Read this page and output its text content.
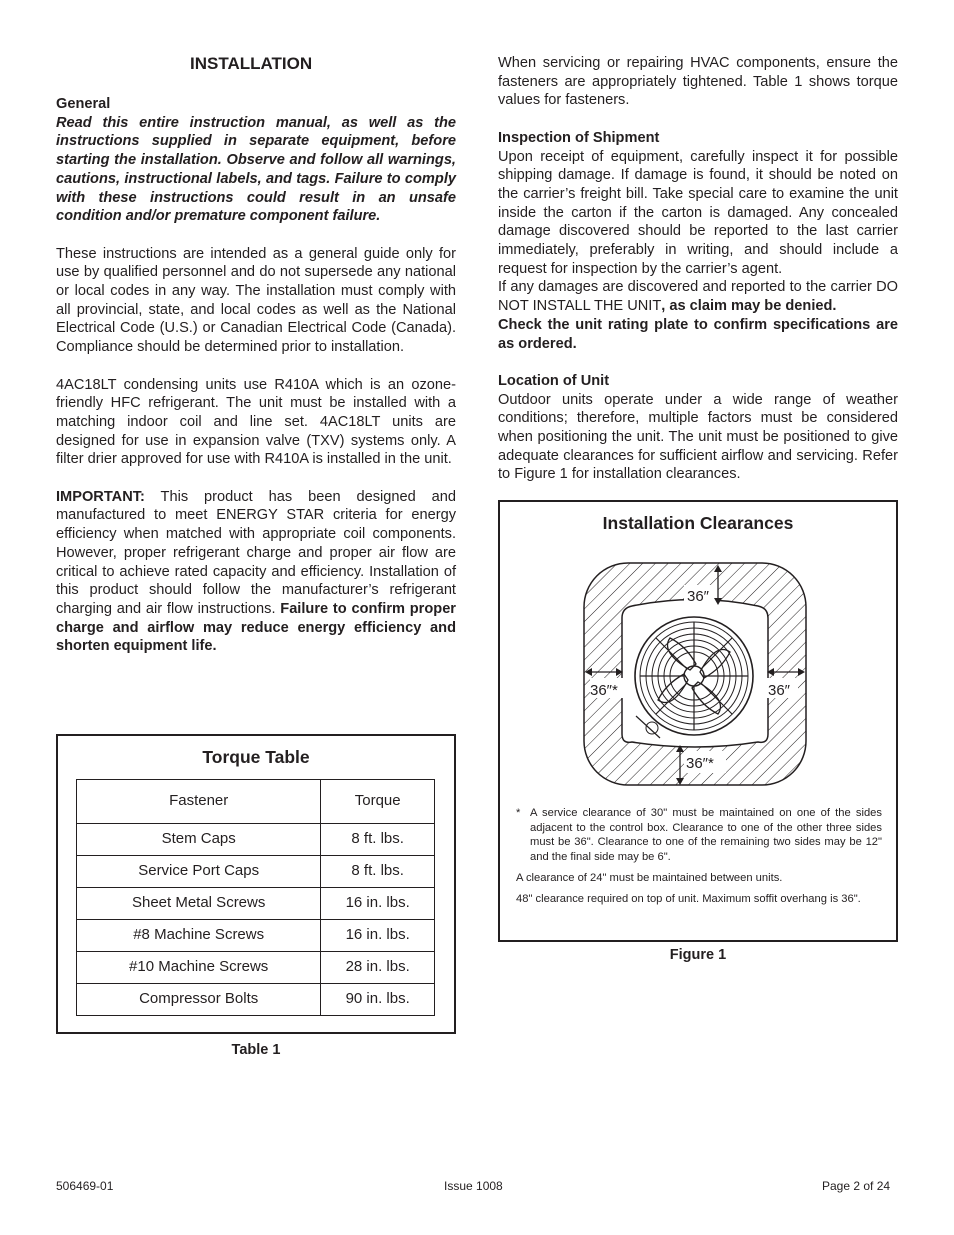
INSTALLATION
General

Read this entire instruction manual, as well as the instructions supplied in separate equipment, before starting the installation. Observe and follow all warnings, cautions, instructional labels, and tags. Failure to comply with these instructions could result in an unsafe condition and/or premature component failure.

These instructions are intended as a general guide only for use by qualified personnel and do not supersede any national or local codes in any way. The installation must comply with all provincial, state, and local codes as well as the National Electrical Code (U.S.) or Canadian Electrical Code (Canada). Compliance should be determined prior to installation.

4AC18LT condensing units use R410A which is an ozone-friendly HFC refrigerant. The unit must be installed with a matching indoor coil and line set. 4AC18LT units are designed for use in expansion valve (TXV) systems only. A filter drier approved for use with R410A is installed in the unit.

IMPORTANT: This product has been designed and manufactured to meet ENERGY STAR criteria for energy efficiency when matched with appropriate coil components. However, proper refrigerant charge and proper air flow are critical to achieve rated capacity and efficiency. Installation of this product should follow the manufacturer’s refrigerant charging and air flow instructions. Failure to confirm proper charge and airflow may reduce energy efficiency and shorten equipment life.

Torque Table
Fastener	Torque
Stem Caps	8 ft. lbs.
Service Port Caps	8 ft. lbs.
Sheet Metal Screws	16 in. lbs.
#8 Machine Screws	16 in. lbs.
#10 Machine Screws	28 in. lbs.
Compressor Bolts	90 in. lbs.
Table 1

When servicing or repairing HVAC components, ensure the fasteners are appropriately tightened. Table 1 shows torque values for fasteners.

Inspection of Shipment

Upon receipt of equipment, carefully inspect it for possible shipping damage. If damage is found, it should be noted on the carrier’s freight bill. Take special care to examine the unit inside the carton if the carton is damaged. Any concealed damage discovered should be reported to the last carrier immediately, preferably in writing, and should include a request for inspection by the carrier’s agent.

If any damages are discovered and reported to the carrier DO NOT INSTALL THE UNIT, as claim may be denied.

Check the unit rating plate to confirm specifications are as ordered.

Location of Unit

Outdoor units operate under a wide range of weather conditions; therefore, multiple factors must be considered when positioning the unit. The unit must be positioned to give adequate clearances for sufficient airflow and servicing. Refer to Figure 1 for installation clearances.

Installation Clearances
36″
36″*	36″
36″*

* A service clearance of 30" must be maintained on one of the sides adjacent to the control box. Clearance to one of the other three sides must be 36". Clearance to one of the remaining two sides may be 12" and the final side may be 6".

A clearance of 24" must be maintained between units.

48" clearance required on top of unit. Maximum soffit overhang is 36".

Figure 1
506469-01	Issue 1008	Page 2 of 24
